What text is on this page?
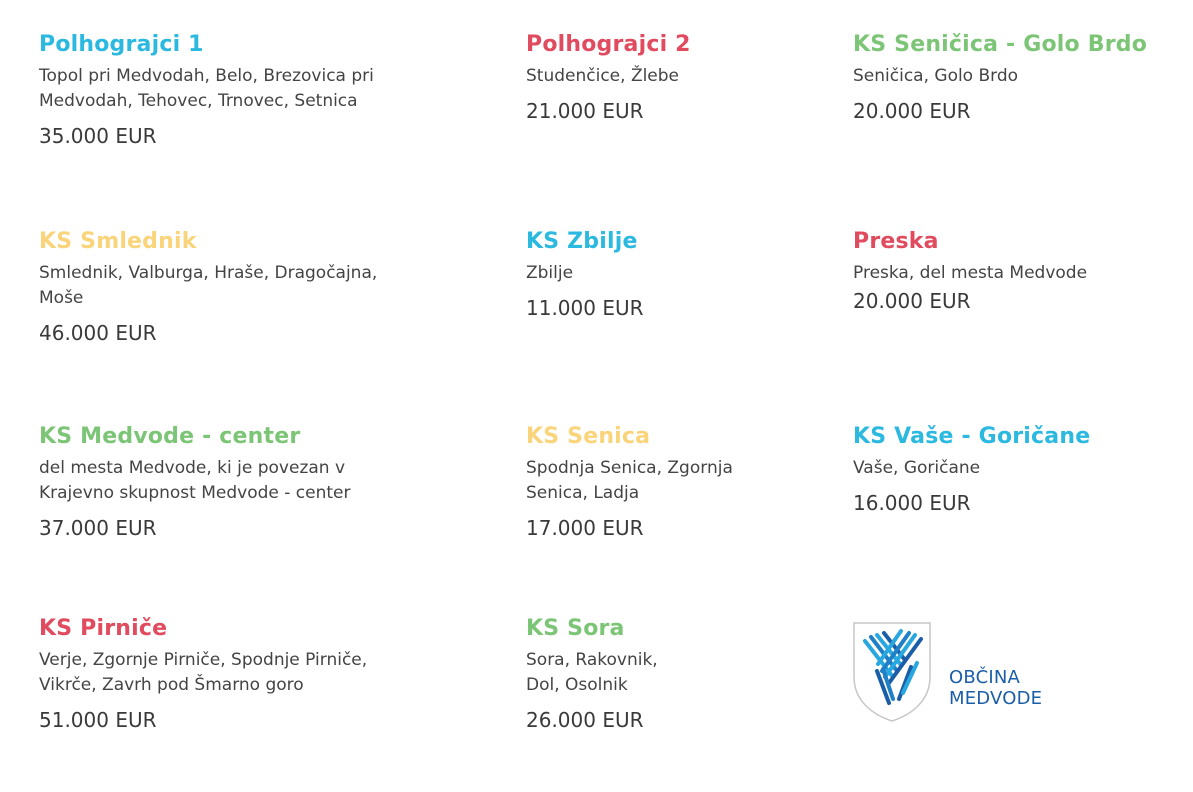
Polhograjci 1
Topol pri Medvodah, Belo, Brezovica pri Medvodah, Tehovec, Trnovec, Setnica
35.000 EUR
Polhograjci 2
Studenčice, Žlebe
21.000 EUR
KS Seničica - Golo Brdo
Seničica, Golo Brdo
20.000 EUR
KS Smlednik
Smlednik, Valburga, Hraše, Dragočajna, Moše
46.000 EUR
KS Zbilje
Zbilje
11.000 EUR
Preska
Preska, del mesta Medvode
20.000 EUR
KS Medvode - center
del mesta Medvode, ki je povezan v Krajevno skupnost Medvode - center
37.000 EUR
KS Senica
Spodnja Senica, Zgornja Senica, Ladja
17.000 EUR
KS Vaše - Goričane
Vaše, Goričane
16.000 EUR
KS Pirniče
Verje, Zgornje Pirniče, Spodnje Pirniče, Vikrče, Zavrh pod Šmarno goro
51.000 EUR
KS Sora
Sora, Rakovnik, Dol, Osolnik
26.000 EUR
OBČINA
MEDVODE
